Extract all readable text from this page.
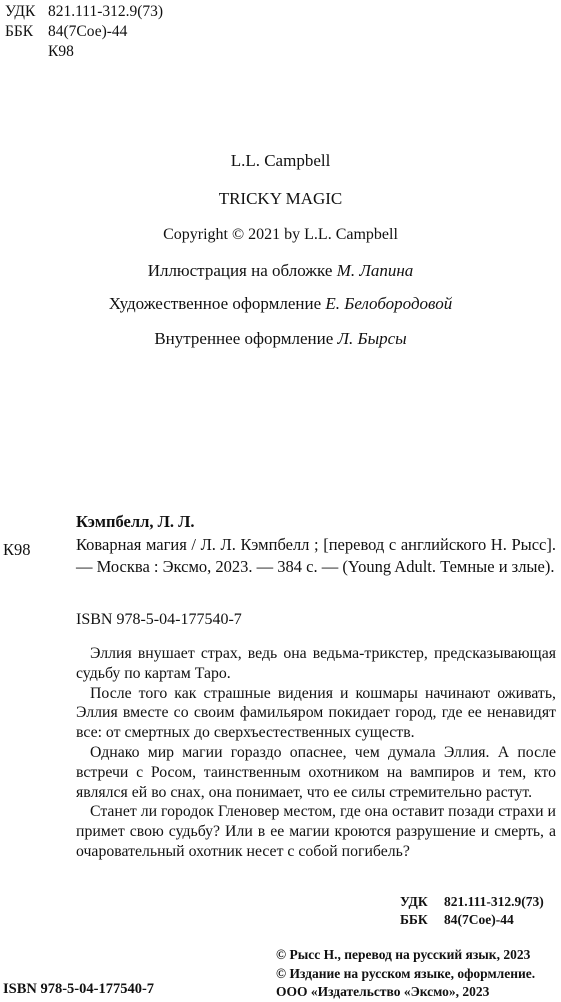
УДК 821.111-312.9(73)
ББК 84(7Сое)-44
К98
L.L. Campbell
TRICKY MAGIC
Copyright © 2021 by L.L. Campbell
Иллюстрация на обложке М. Лапина
Художественное оформление Е. Белобородовой
Внутреннее оформление Л. Бырсы
Кэмпбелл, Л. Л.
К98	Коварная магия / Л. Л. Кэмпбелл ; [перевод с английского Н. Рысс]. — Москва : Эксмо, 2023. — 384 с. — (Young Adult. Темные и злые).
ISBN 978-5-04-177540-7

Эллия внушает страх, ведь она ведьма-трикстер, предсказывающая судьбу по картам Таро.

После того как страшные видения и кошмары начинают оживать, Эллия вместе со своим фамильяром покидает город, где ее ненавидят все: от смертных до сверхъестественных существ.

Однако мир магии гораздо опаснее, чем думала Эллия. А после встречи с Росом, таинственным охотником на вампиров и тем, кто являлся ей во снах, она понимает, что ее силы стремительно растут.

Станет ли городок Гленовер местом, где она оставит позади страхи и примет свою судьбу? Или в ее магии кроются разрушение и смерть, а очаровательный охотник несет с собой погибель?

УДК 821.111-312.9(73)
ББК 84(7Сое)-44
© Рысс Н., перевод на русский язык, 2023
© Издание на русском языке, оформление.
ООО «Издательство «Эксмо», 2023
ISBN 978-5-04-177540-7
